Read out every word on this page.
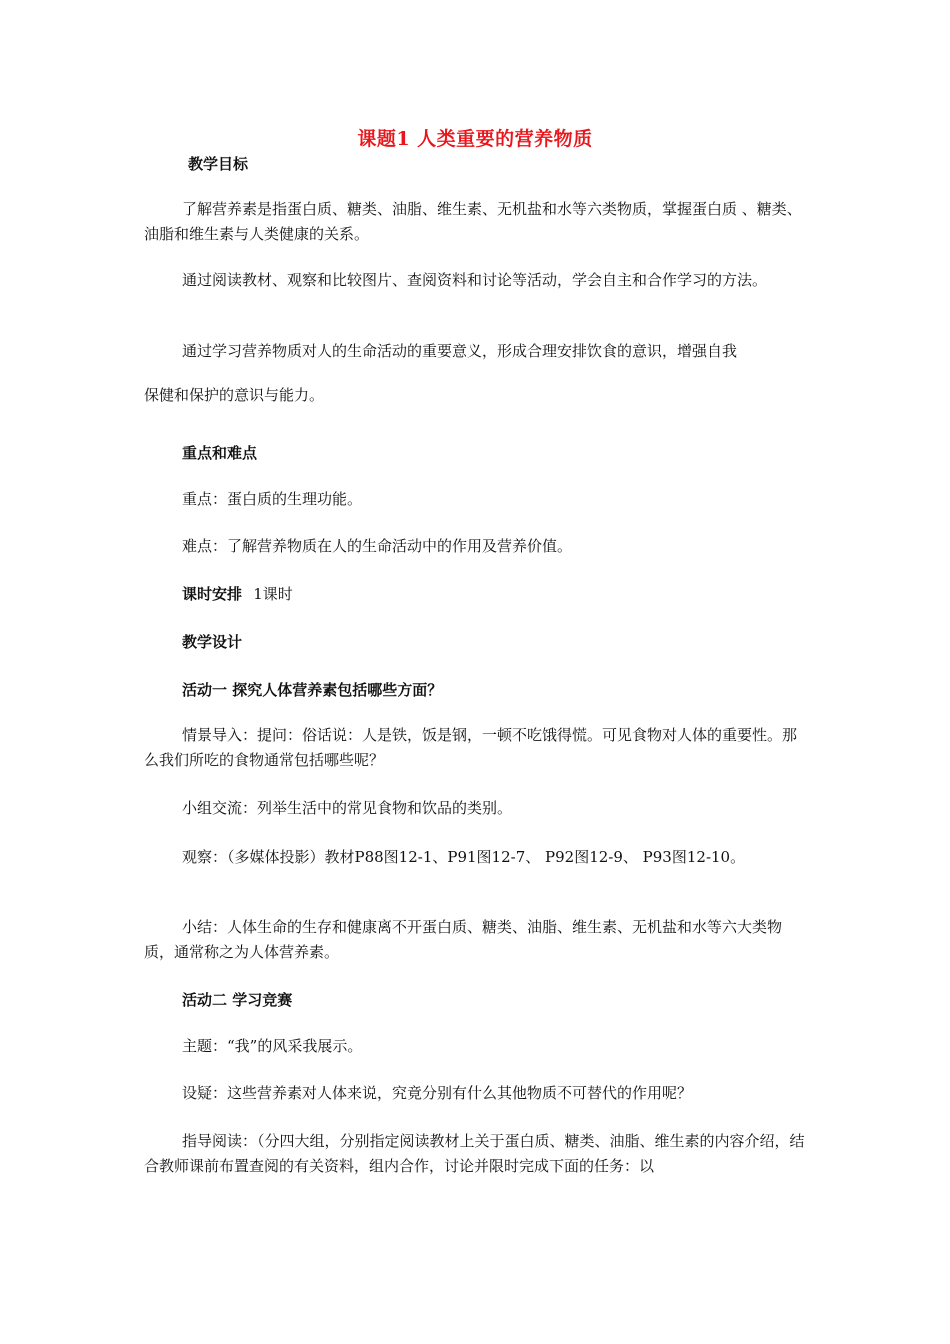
课题1 人类重要的营养物质
教学目标
了解营养素是指蛋白质、糖类、油脂、维生素、无机盐和水等六类物质，掌握蛋白质 、糖类、油脂和维生素与人类健康的关系。
通过阅读教材、观察和比较图片、查阅资料和讨论等活动，学会自主和合作学习的方法。
通过学习营养物质对人的生命活动的重要意义，形成合理安排饮食的意识，增强自我
保健和保护的意识与能力。
重点和难点
重点：蛋白质的生理功能。
难点：了解营养物质在人的生命活动中的作用及营养价值。
课时安排 1课时
教学设计
活动一 探究人体营养素包括哪些方面？
情景导入：提问：俗话说：人是铁，饭是钢，一顿不吃饿得慌。可见食物对人体的重要性。那么我们所吃的食物通常包括哪些呢？
小组交流：列举生活中的常见食物和饮品的类别。
观察：（多媒体投影）教材P88图12-1、P91图12-7、 P92图12-9、 P93图12-10。
小结：人体生命的生存和健康离不开蛋白质、糖类、油脂、维生素、无机盐和水等六大类物质，通常称之为人体营养素。
活动二 学习竞赛
主题：“我”的风采我展示。
设疑：这些营养素对人体来说，究竟分别有什么其他物质不可替代的作用呢？
指导阅读：（分四大组，分别指定阅读教材上关于蛋白质、糖类、油脂、维生素的内容介绍，结合教师课前布置查阅的有关资料，组内合作，讨论并限时完成下面的任务：以
